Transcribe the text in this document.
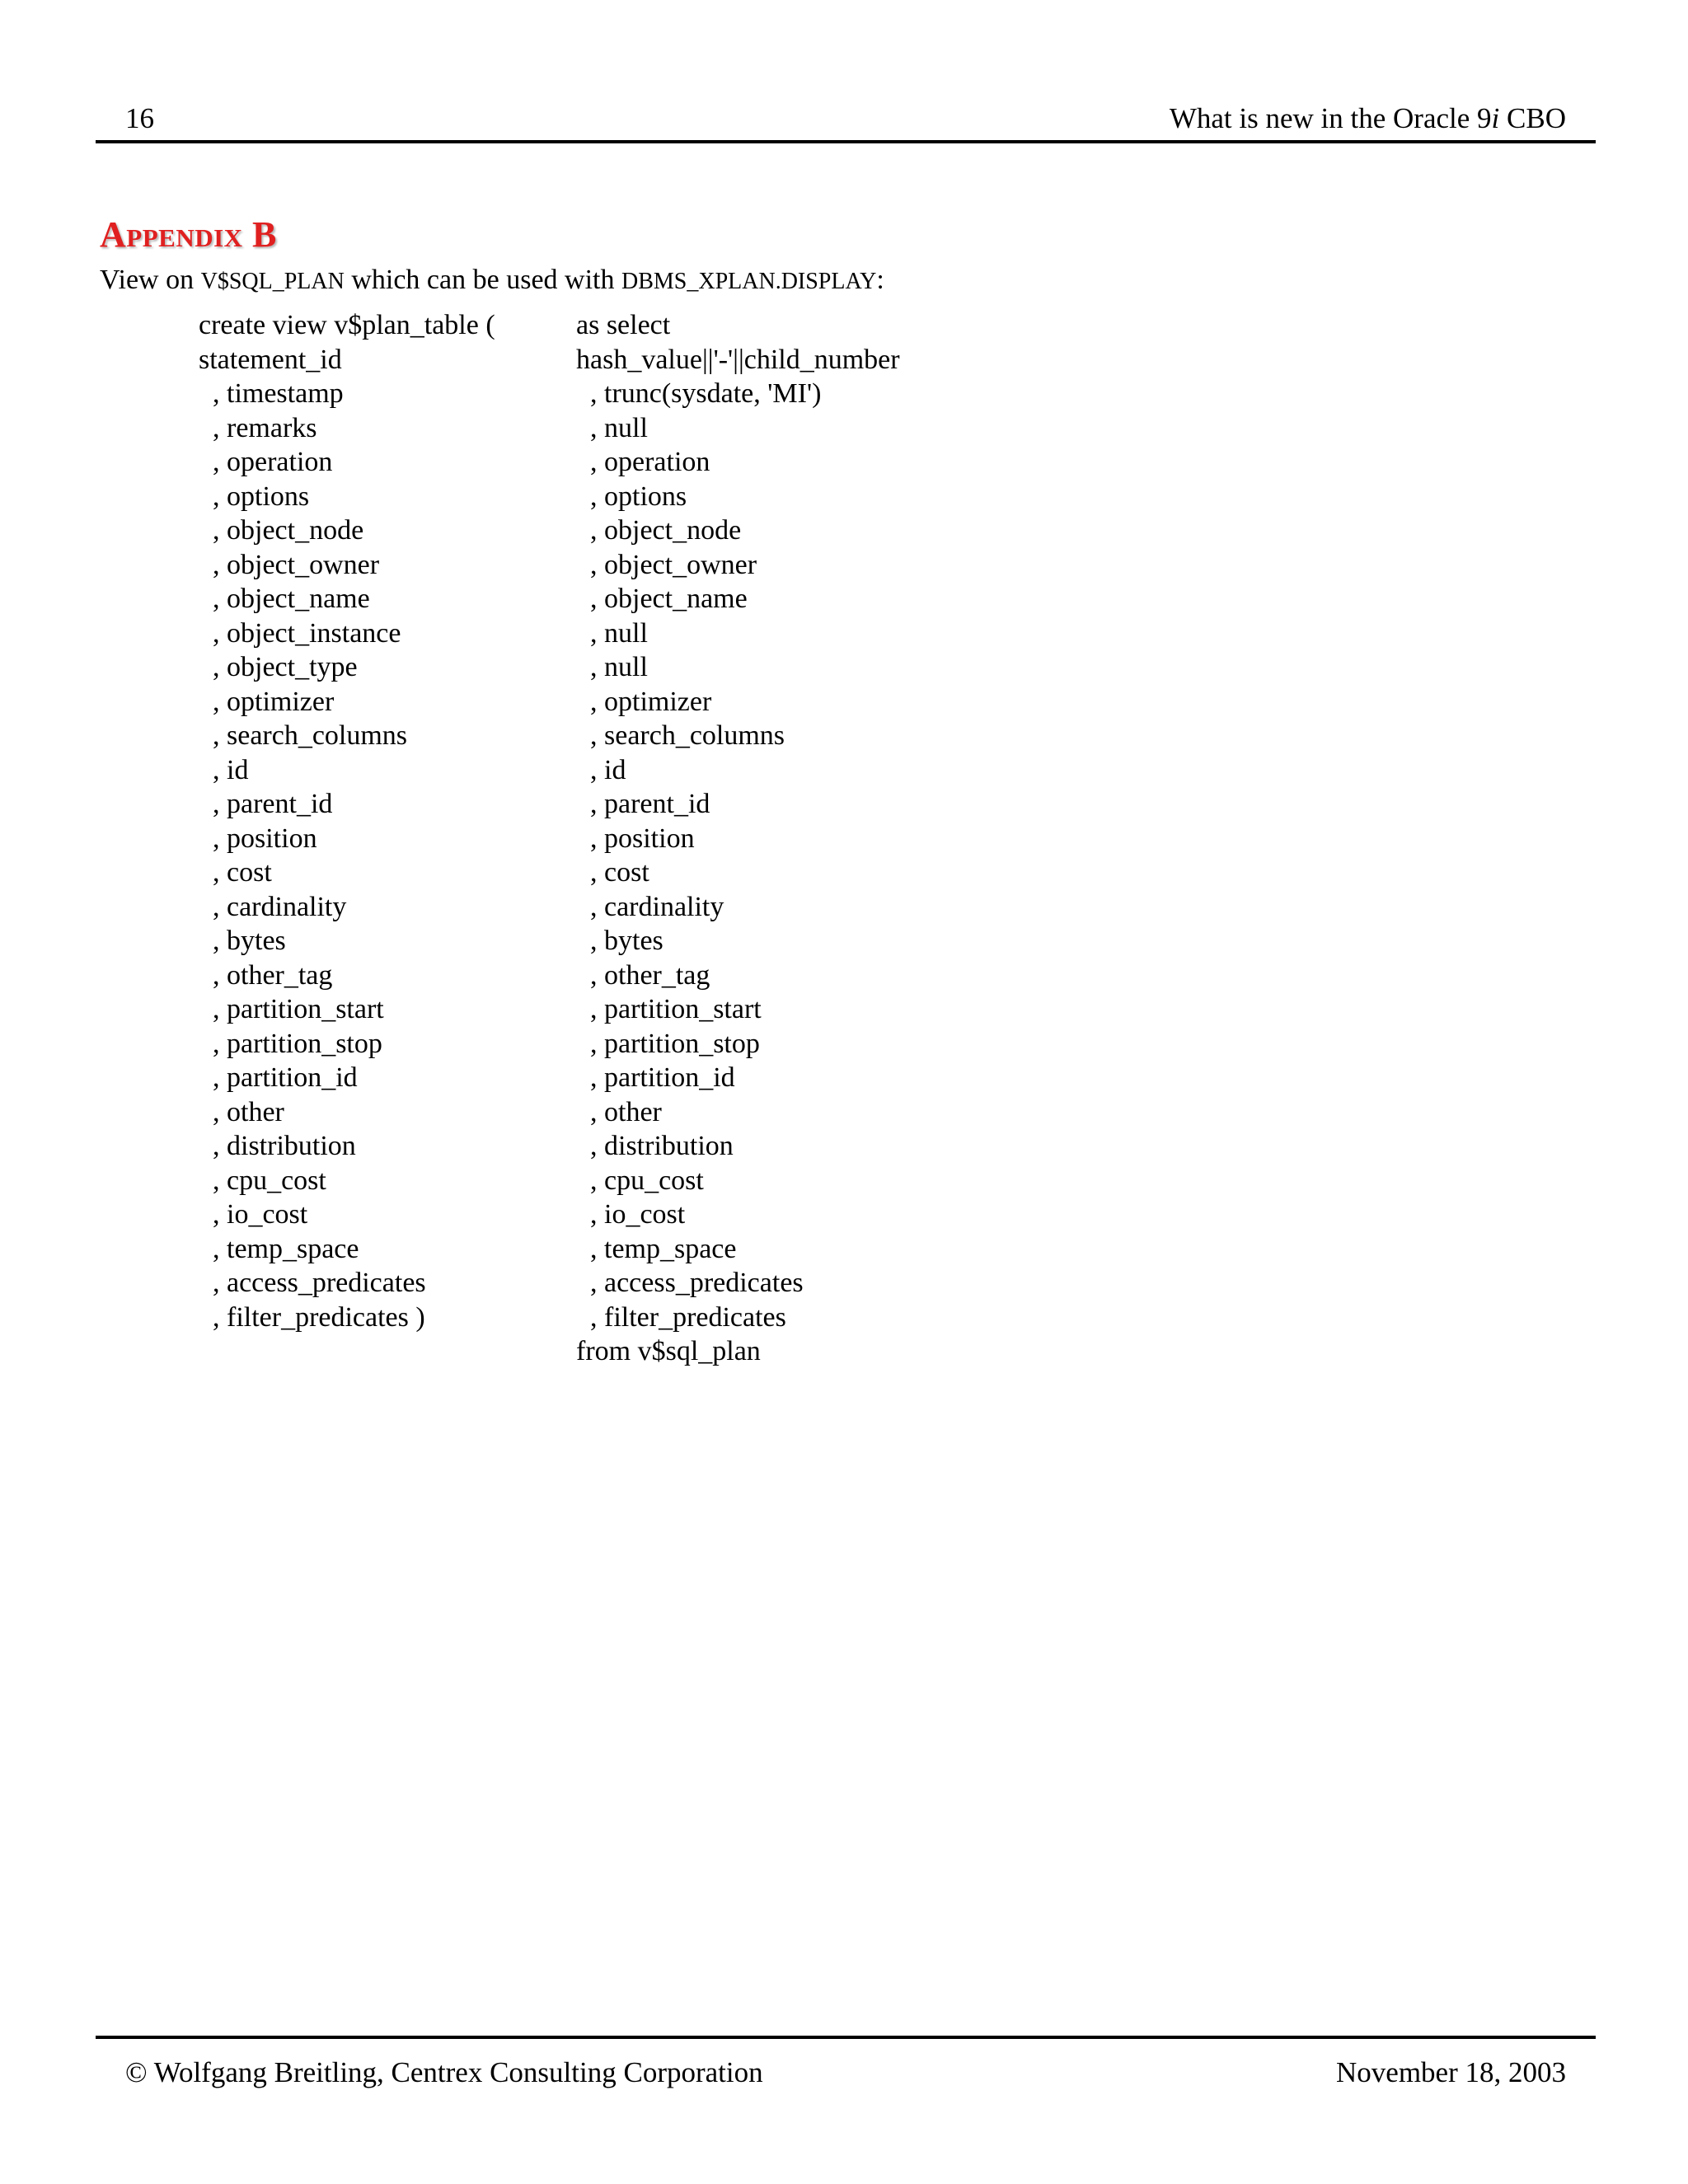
16	What is new in the Oracle 9i CBO
Appendix B
View on V$SQL_PLAN which can be used with DBMS_XPLAN.DISPLAY:
create view v$plan_table (
statement_id
, timestamp
, remarks
, operation
, options
, object_node
, object_owner
, object_name
, object_instance
, object_type
, optimizer
, search_columns
, id
, parent_id
, position
, cost
, cardinality
, bytes
, other_tag
, partition_start
, partition_stop
, partition_id
, other
, distribution
, cpu_cost
, io_cost
, temp_space
, access_predicates
, filter_predicates )
as select
hash_value||'-'||child_number
, trunc(sysdate, 'MI')
, null
, operation
, options
, object_node
, object_owner
, object_name
, null
, null
, optimizer
, search_columns
, id
, parent_id
, position
, cost
, cardinality
, bytes
, other_tag
, partition_start
, partition_stop
, partition_id
, other
, distribution
, cpu_cost
, io_cost
, temp_space
, access_predicates
, filter_predicates
from v$sql_plan
© Wolfgang Breitling, Centrex Consulting Corporation	November 18, 2003
